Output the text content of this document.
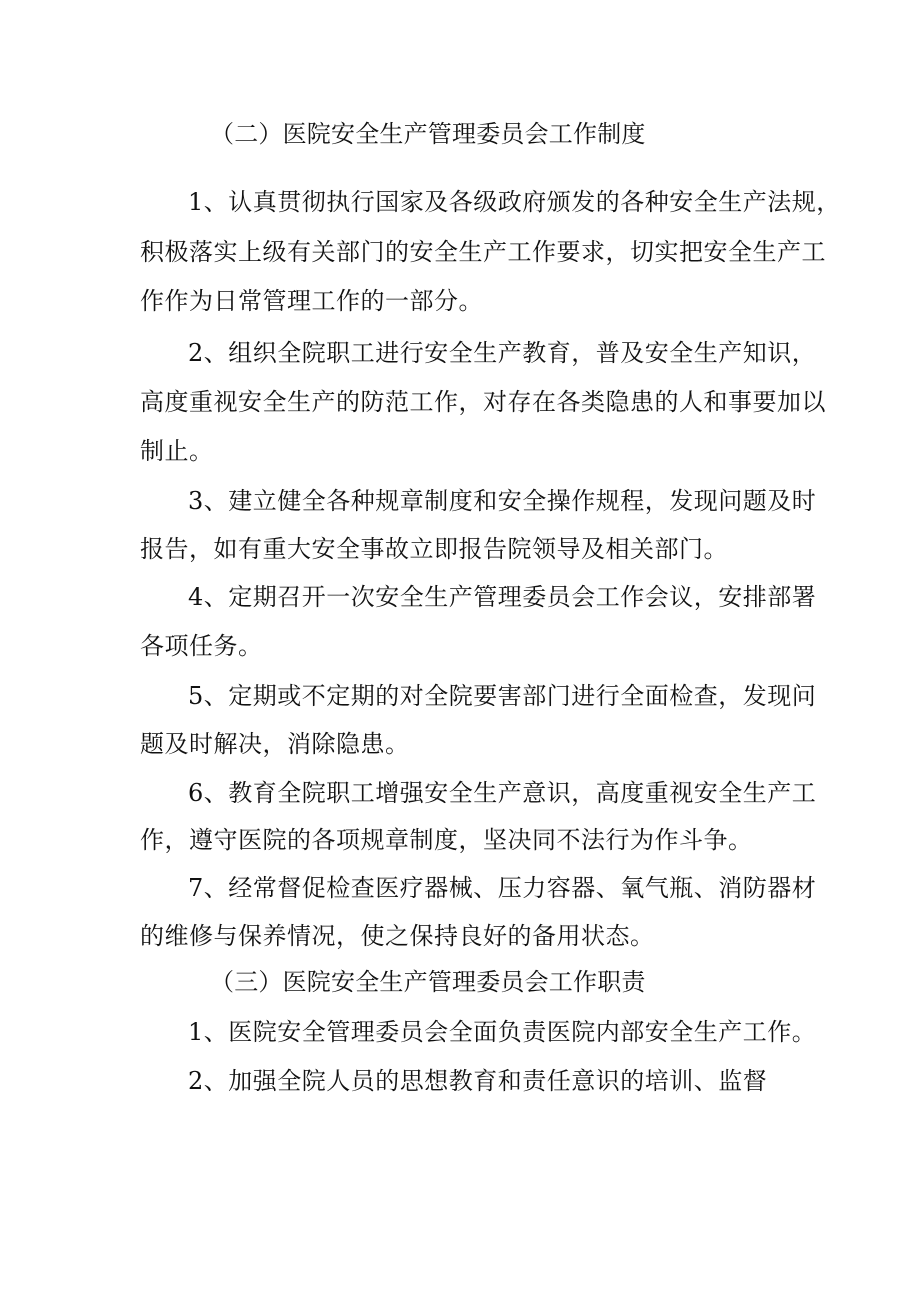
（二）医院安全生产管理委员会工作制度
1、认真贯彻执行国家及各级政府颁发的各种安全生产法规，
积极落实上级有关部门的安全生产工作要求，切实把安全生产工
作作为日常管理工作的一部分。
2、组织全院职工进行安全生产教育，普及安全生产知识，
高度重视安全生产的防范工作，对存在各类隐患的人和事要加以
制止。
3、建立健全各种规章制度和安全操作规程，发现问题及时
报告，如有重大安全事故立即报告院领导及相关部门。
4、定期召开一次安全生产管理委员会工作会议，安排部署
各项任务。
5、定期或不定期的对全院要害部门进行全面检查，发现问
题及时解决，消除隐患。
6、教育全院职工增强安全生产意识，高度重视安全生产工
作，遵守医院的各项规章制度，坚决同不法行为作斗争。
7、经常督促检查医疗器械、压力容器、氧气瓶、消防器材
的维修与保养情况，使之保持良好的备用状态。
（三）医院安全生产管理委员会工作职责
1、医院安全管理委员会全面负责医院内部安全生产工作。
2、加强全院人员的思想教育和责任意识的培训、监督
